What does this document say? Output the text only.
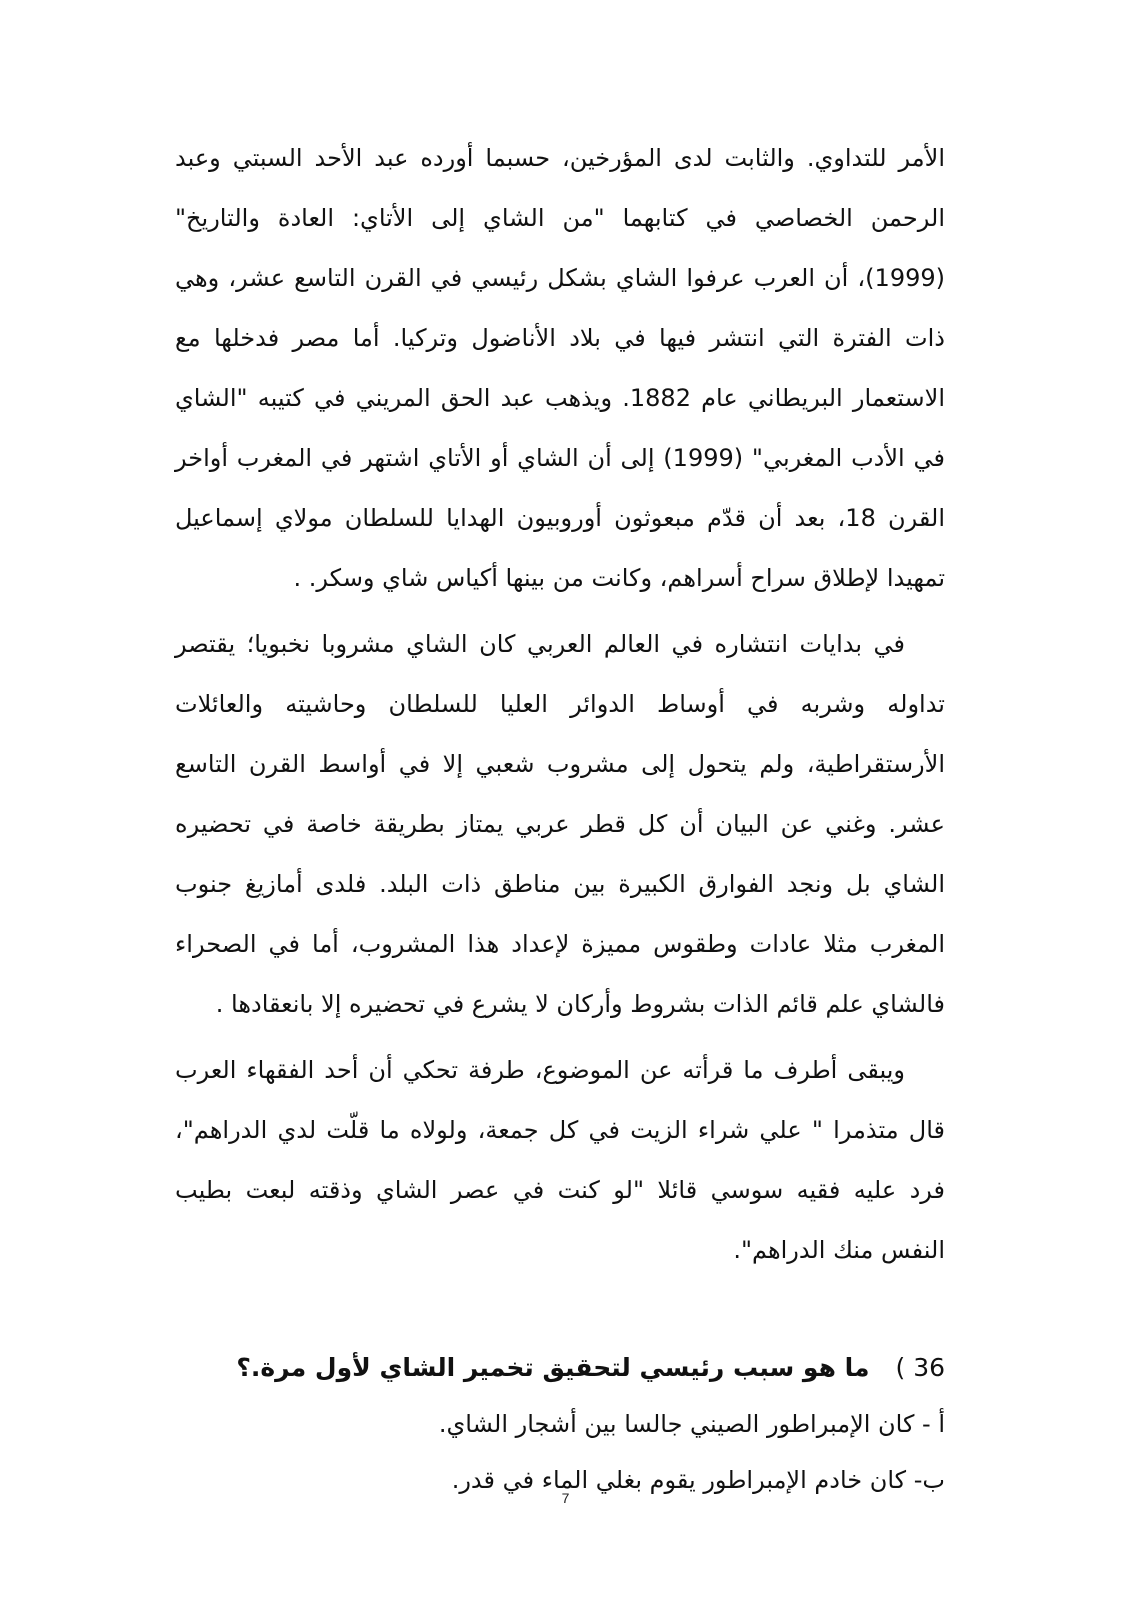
الأمر للتداوي. والثابت لدى المؤرخين، حسبما أورده عبد الأحد السبتي وعبد الرحمن الخصاصي في كتابهما "من الشاي إلى الأتاي: العادة والتاريخ" (1999)، أن العرب عرفوا الشاي بشكل رئيسي في القرن التاسع عشر، وهي ذات الفترة التي انتشر فيها في بلاد الأناضول وتركيا. أما مصر فدخلها مع الاستعمار البريطاني عام 1882. ويذهب عبد الحق المريني في كتيبه "الشاي في الأدب المغربي" (1999) إلى أن الشاي أو الأتاي اشتهر في المغرب أواخر القرن 18، بعد أن قدّم مبعوثون أوروبيون الهدايا للسلطان مولاي إسماعيل تمهيدا لإطلاق سراح أسراهم، وكانت من بينها أكياس شاي وسكر. .

في بدايات انتشاره في العالم العربي كان الشاي مشروبا نخبويا؛ يقتصر تداوله وشربه في أوساط الدوائر العليا للسلطان وحاشيته والعائلات الأرستقراطية، ولم يتحول إلى مشروب شعبي إلا في أواسط القرن التاسع عشر. وغني عن البيان أن كل قطر عربي يمتاز بطريقة خاصة في تحضيره الشاي بل ونجد الفوارق الكبيرة بين مناطق ذات البلد. فلدى أمازيغ جنوب المغرب مثلا عادات وطقوس مميزة لإعداد هذا المشروب، أما في الصحراء فالشاي علم قائم الذات بشروط وأركان لا يشرع في تحضيره إلا بانعقادها .

ويبقى أطرف ما قرأته عن الموضوع، طرفة تحكي أن أحد الفقهاء العرب قال متذمرا " علي شراء الزيت في كل جمعة، ولولاه ما قلّت لدي الدراهم"، فرد عليه فقيه سوسي قائلا "لو كنت في عصر الشاي وذقته لبعت بطيب النفس منك الدراهم".

36 )
ما هو سبب رئيسي لتحقيق تخمير الشاي لأول مرة.؟

أ - كان الإمبراطور الصيني جالسا بين أشجار الشاي.

ب- كان خادم الإمبراطور يقوم بغلي الماء في قدر.

7
